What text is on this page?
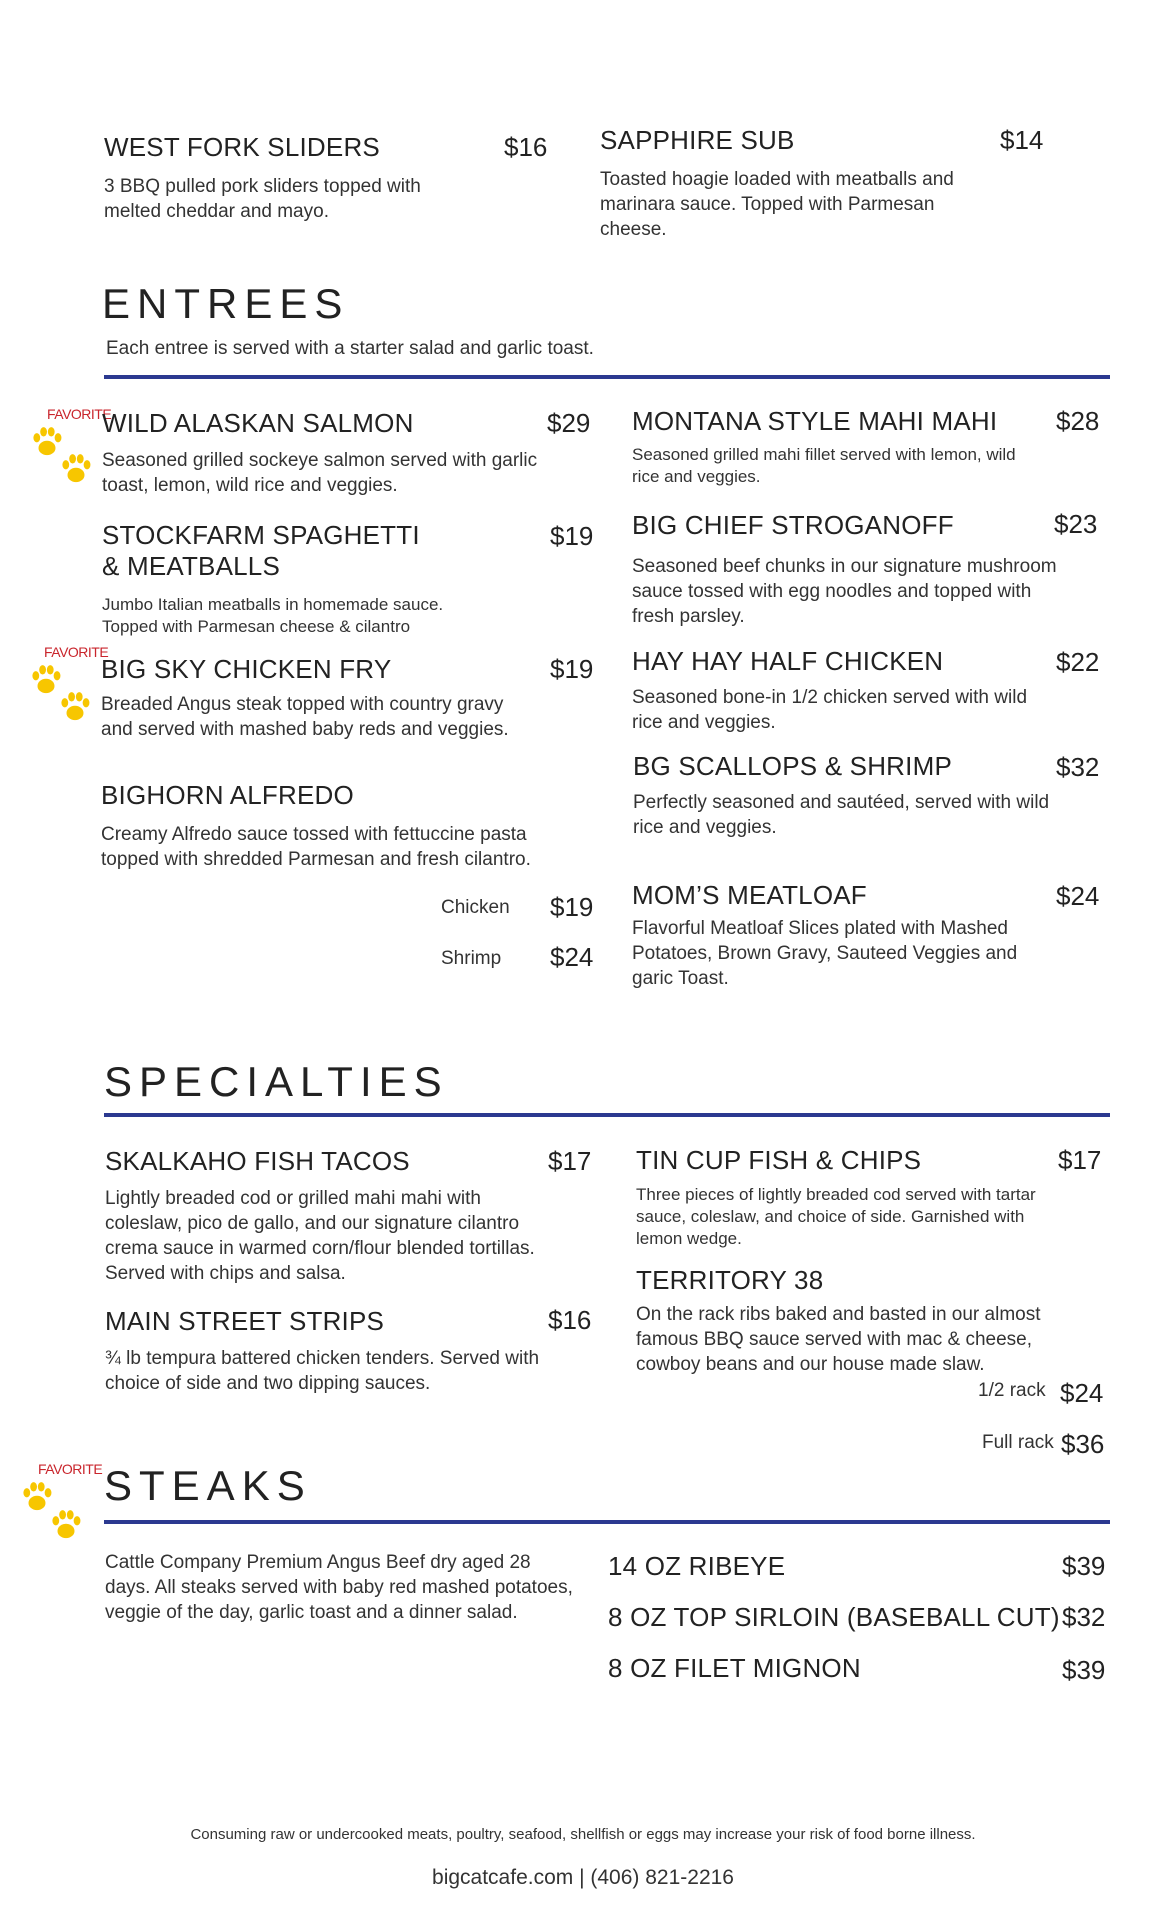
WEST FORK SLIDERS	$16
3 BBQ pulled pork sliders topped with melted cheddar and mayo.
SAPPHIRE SUB	$14
Toasted hoagie loaded with meatballs and marinara sauce. Topped with Parmesan cheese.
ENTREES
Each entree is served with a starter salad and garlic toast.
FAVORITE
WILD ALASKAN SALMON	$29
Seasoned grilled sockeye salmon served with garlic toast, lemon, wild rice and veggies.
STOCKFARM SPAGHETTI
& MEATBALLS
$19
Jumbo Italian meatballs in homemade sauce. Topped with Parmesan cheese & cilantro
FAVORITE
BIG SKY CHICKEN FRY	$19
Breaded Angus steak topped with country gravy and served with mashed baby reds and veggies.
BIGHORN ALFREDO
Creamy Alfredo sauce tossed with fettuccine pasta topped with shredded Parmesan and fresh cilantro.
Chicken $19
Shrimp $24
MONTANA STYLE MAHI MAHI $28
Seasoned grilled mahi fillet served with lemon, wild rice and veggies.
BIG CHIEF STROGANOFF	$23
Seasoned beef chunks in our signature mushroom sauce tossed with egg noodles and topped with fresh parsley.
HAY HAY HALF CHICKEN	$22
Seasoned bone-in 1/2 chicken served with wild rice and veggies.
BG SCALLOPS & SHRIMP	$32
Perfectly seasoned and sautéed, served with wild rice and veggies.
MOM’S MEATLOAF	$24
Flavorful Meatloaf Slices plated with Mashed Potatoes, Brown Gravy, Sauteed Veggies and garic Toast.
SPECIALTIES
SKALKAHO FISH TACOS	$17
Lightly breaded cod or grilled mahi mahi with coleslaw, pico de gallo, and our signature cilantro crema sauce in warmed corn/flour blended tortillas. Served with chips and salsa.
MAIN STREET STRIPS	$16
¾ lb tempura battered chicken tenders. Served with choice of side and two dipping sauces.
TIN CUP FISH & CHIPS	$17
Three pieces of lightly breaded cod served with tartar sauce, coleslaw, and choice of side. Garnished with lemon wedge.
TERRITORY 38
On the rack ribs baked and basted in our almost famous BBQ sauce served with mac & cheese, cowboy beans and our house made slaw.
1/2 rack $24
Full rack $36
FAVORITE STEAKS
Cattle Company Premium Angus Beef dry aged 28 days. All steaks served with baby red mashed potatoes, veggie of the day, garlic toast and a dinner salad.
14 OZ RIBEYE	$39
8 OZ TOP SIRLOIN (BASEBALL CUT) $32
8 OZ FILET MIGNON	$39
Consuming raw or undercooked meats, poultry, seafood, shellfish or eggs may increase your risk of food borne illness.
bigcatcafe.com | (406) 821-2216
